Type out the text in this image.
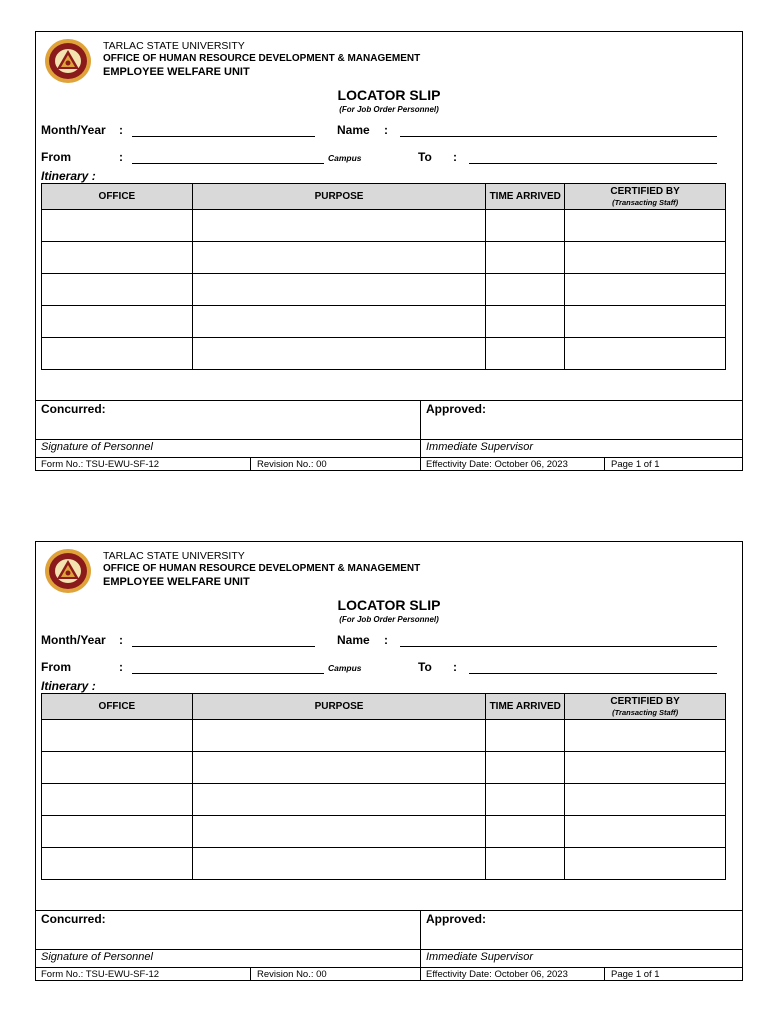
TARLAC STATE UNIVERSITY
OFFICE OF HUMAN RESOURCE DEVELOPMENT & MANAGEMENT
EMPLOYEE WELFARE UNIT
LOCATOR SLIP
(For Job Order Personnel)
Month/Year :	Name :
From	:	Campus	To :
Itinerary :
OFFICE	PURPOSE	TIME ARRIVED	CERTIFIED BY
(Transacting Staff)

Concurred:	Approved:
Signature of Personnel	Immediate Supervisor
Form No.: TSU-EWU-SF-12	Revision No.: 00	Effectivity Date: October 06, 2023	Page 1 of 1
TARLAC STATE UNIVERSITY
OFFICE OF HUMAN RESOURCE DEVELOPMENT & MANAGEMENT
EMPLOYEE WELFARE UNIT
LOCATOR SLIP
(For Job Order Personnel)
Month/Year :	Name :
From	:	Campus	To :
Itinerary :
OFFICE	PURPOSE	TIME ARRIVED	CERTIFIED BY
(Transacting Staff)

Concurred:	Approved:
Signature of Personnel	Immediate Supervisor
Form No.: TSU-EWU-SF-12	Revision No.: 00	Effectivity Date: October 06, 2023	Page 1 of 1
